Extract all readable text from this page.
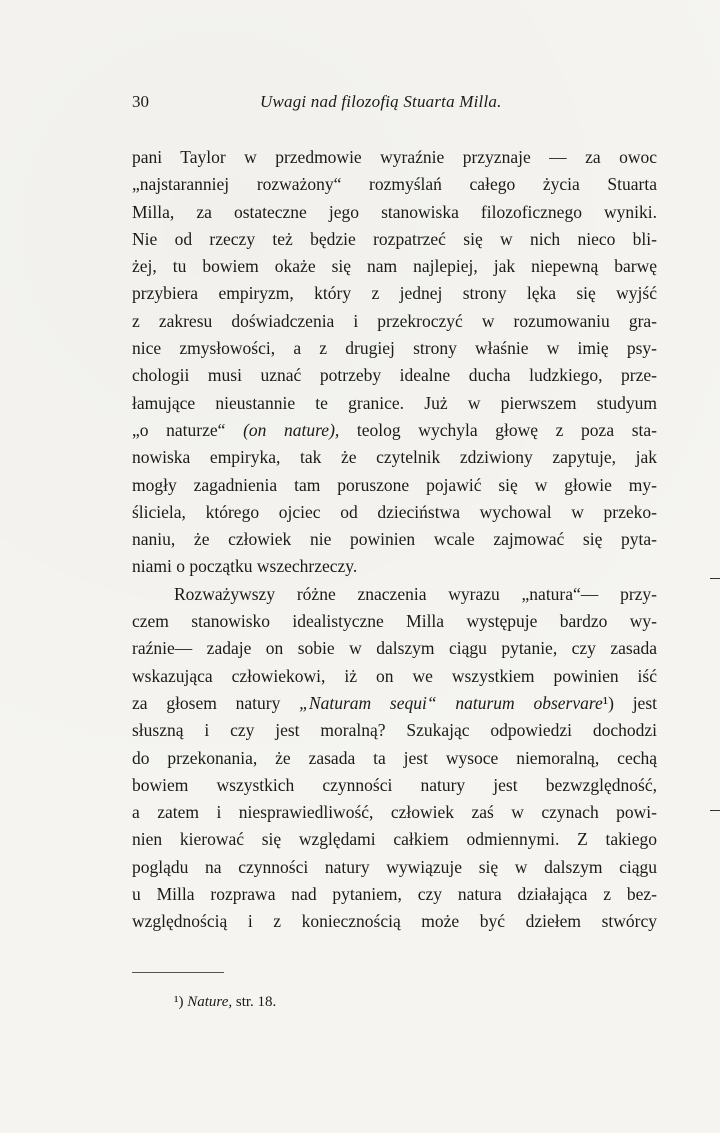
30	Uwagi nad filozofią Stuarta Milla.
pani Taylor w przedmowie wyraźnie przyznaje — za owoc
„najstaranniej rozważony“ rozmyślań całego życia Stuarta
Milla, za ostateczne jego stanowiska filozoficznego wyniki.
Nie od rzeczy też będzie rozpatrzeć się w nich nieco bli-
żej, tu bowiem okaże się nam najlepiej, jak niepewną barwę
przybiera empiryzm, który z jednej strony lęka się wyjść
z zakresu doświadczenia i przekroczyć w rozumowaniu gra-
nice zmysłowości, a z drugiej strony właśnie w imię psy-
chologii musi uznać potrzeby idealne ducha ludzkiego, prze-
łamujące nieustannie te granice. Już w pierwszem studyum
„o naturze“ (on nature), teolog wychyla głowę z poza sta-
nowiska empiryka, tak że czytelnik zdziwiony zapytuje, jak
mogły zagadnienia tam poruszone pojawić się w głowie my-
śliciela, którego ojciec od dzieciństwa wychowal w przeko-
naniu, że człowiek nie powinien wcale zajmować się pyta-
niami o początku wszechrzeczy.
Rozważywszy różne znaczenia wyrazu „natura“— przy-
czem stanowisko idealistyczne Milla występuje bardzo wy-
raźnie— zadaje on sobie w dalszym ciągu pytanie, czy zasada
wskazująca człowiekowi, iż on we wszystkiem powinien iść
za głosem natury „Naturam sequi“ naturum observare¹) jest
słuszną i czy jest moralną? Szukając odpowiedzi dochodzi
do przekonania, że zasada ta jest wysoce niemoralną, cechą
bowiem wszystkich czynności natury jest bezwzględność,
a zatem i niesprawiedliwość, człowiek zaś w czynach powi-
nien kierować się względami całkiem odmiennymi. Z takiego
poglądu na czynności natury wywiązuje się w dalszym ciągu
u Milla rozprawa nad pytaniem, czy natura działająca z bez-
względnością i z koniecznością może być dziełem stwórcy
¹) Nature, str. 18.
